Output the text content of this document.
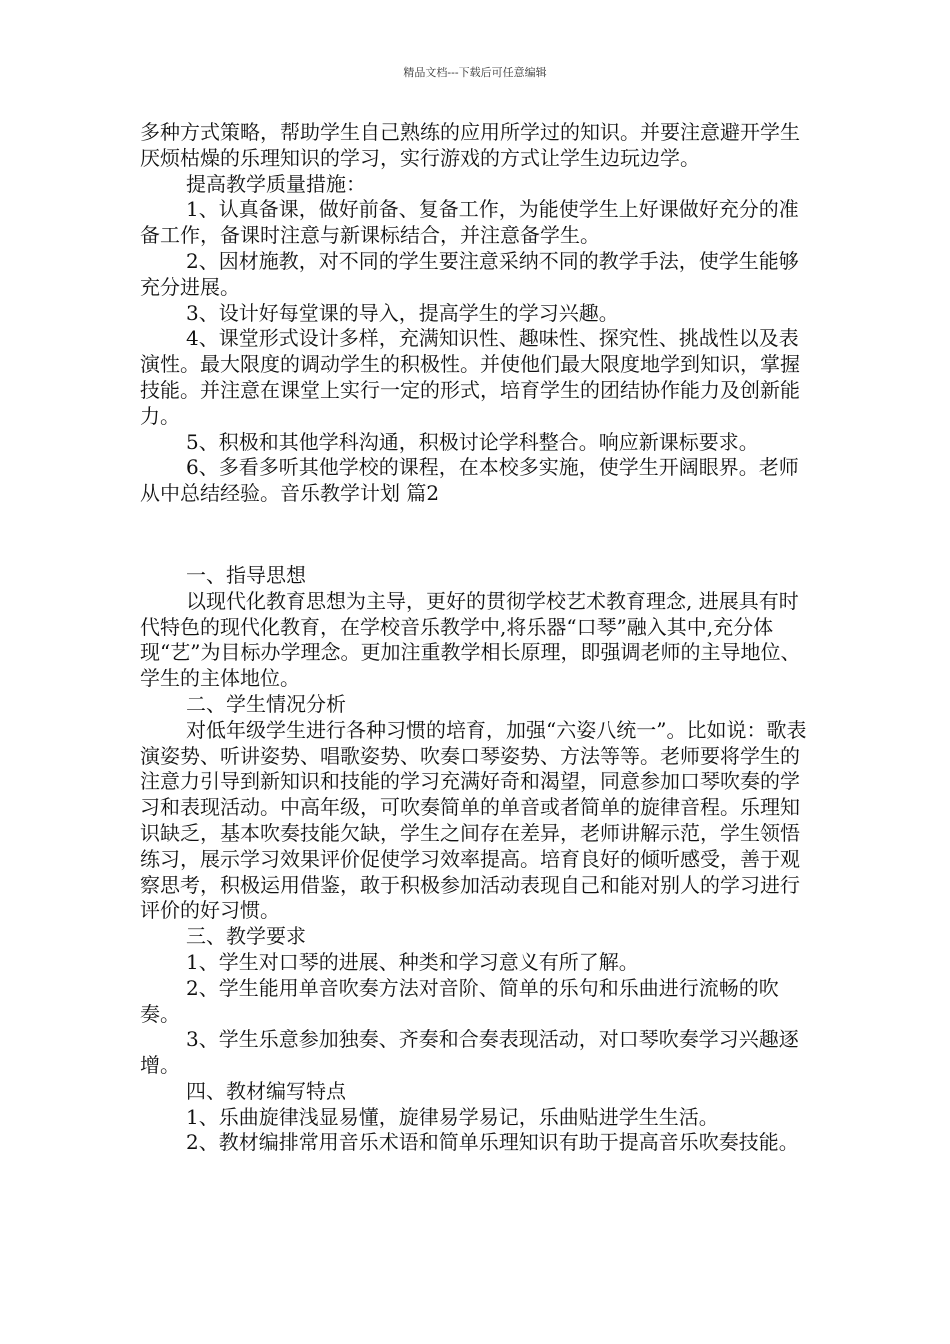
精品文档---下载后可任意编辑

多种方式策略，帮助学生自己熟练的应用所学过的知识。并要注意避开学生厌烦枯燥的乐理知识的学习，实行游戏的方式让学生边玩边学。

提高教学质量措施：

1、认真备课，做好前备、复备工作，为能使学生上好课做好充分的准备工作，备课时注意与新课标结合，并注意备学生。

2、因材施教，对不同的学生要注意采纳不同的教学手法，使学生能够充分进展。

3、设计好每堂课的导入，提高学生的学习兴趣。

4、课堂形式设计多样，充满知识性、趣味性、探究性、挑战性以及表演性。最大限度的调动学生的积极性。并使他们最大限度地学到知识，掌握技能。并注意在课堂上实行一定的形式，培育学生的团结协作能力及创新能力。

5、积极和其他学科沟通，积极讨论学科整合。响应新课标要求。

6、多看多听其他学校的课程，在本校多实施，使学生开阔眼界。老师从中总结经验。音乐教学计划 篇2

一、指导思想

以现代化教育思想为主导，更好的贯彻学校艺术教育理念, 进展具有时代特色的现代化教育，在学校音乐教学中,将乐器“口琴”融入其中,充分体现“艺”为目标办学理念。更加注重教学相长原理，即强调老师的主导地位、学生的主体地位。

二、学生情况分析

对低年级学生进行各种习惯的培育，加强“六姿八统一”。比如说：歌表演姿势、听讲姿势、唱歌姿势、吹奏口琴姿势、方法等等。老师要将学生的注意力引导到新知识和技能的学习充满好奇和渴望，同意参加口琴吹奏的学习和表现活动。中高年级，可吹奏简单的单音或者简单的旋律音程。乐理知识缺乏，基本吹奏技能欠缺，学生之间存在差异，老师讲解示范，学生领悟练习，展示学习效果评价促使学习效率提高。培育良好的倾听感受，善于观察思考，积极运用借鉴，敢于积极参加活动表现自己和能对别人的学习进行评价的好习惯。

三、教学要求

1、学生对口琴的进展、种类和学习意义有所了解。

2、学生能用单音吹奏方法对音阶、简单的乐句和乐曲进行流畅的吹奏。

3、学生乐意参加独奏、齐奏和合奏表现活动，对口琴吹奏学习兴趣逐增。

四、教材编写特点

1、乐曲旋律浅显易懂，旋律易学易记，乐曲贴进学生生活。

2、教材编排常用音乐术语和简单乐理知识有助于提高音乐吹奏技能。
